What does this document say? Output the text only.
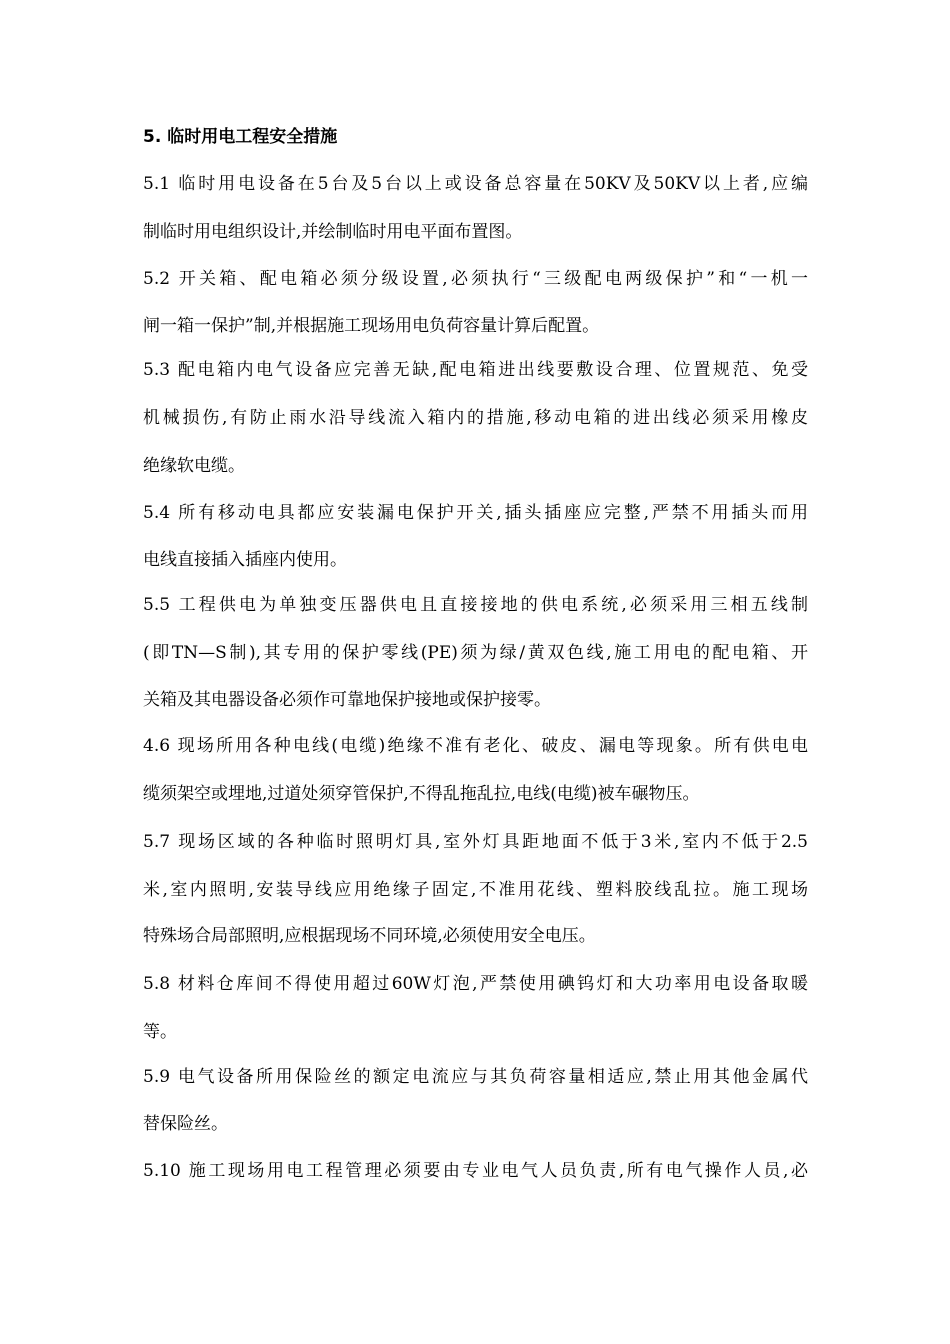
5. 临时用电工程安全措施
5.1 临时用电设备在5台及5台以上或设备总容量在50KV及50KV以上者,应编
制临时用电组织设计,并绘制临时用电平面布置图。
5.2 开关箱、配电箱必须分级设置,必须执行“三级配电两级保护”和“一机一
闸一箱一保护”制,并根据施工现场用电负荷容量计算后配置。
5.3 配电箱内电气设备应完善无缺,配电箱进出线要敷设合理、位置规范、免受
机械损伤,有防止雨水沿导线流入箱内的措施,移动电箱的进出线必须采用橡皮
绝缘软电缆。
5.4 所有移动电具都应安装漏电保护开关,插头插座应完整,严禁不用插头而用
电线直接插入插座内使用。
5.5 工程供电为单独变压器供电且直接接地的供电系统,必须采用三相五线制
(即TN—S制),其专用的保护零线(PE)须为绿/黄双色线,施工用电的配电箱、开
关箱及其电器设备必须作可靠地保护接地或保护接零。
4.6 现场所用各种电线(电缆)绝缘不准有老化、破皮、漏电等现象。所有供电电
缆须架空或埋地,过道处须穿管保护,不得乱拖乱拉,电线(电缆)被车碾物压。
5.7 现场区域的各种临时照明灯具,室外灯具距地面不低于3米,室内不低于2.5
米,室内照明,安装导线应用绝缘子固定,不准用花线、塑料胶线乱拉。施工现场
特殊场合局部照明,应根据现场不同环境,必须使用安全电压。
5.8 材料仓库间不得使用超过60W灯泡,严禁使用碘钨灯和大功率用电设备取暖
等。
5.9 电气设备所用保险丝的额定电流应与其负荷容量相适应,禁止用其他金属代
替保险丝。
5.10 施工现场用电工程管理必须要由专业电气人员负责,所有电气操作人员,必
